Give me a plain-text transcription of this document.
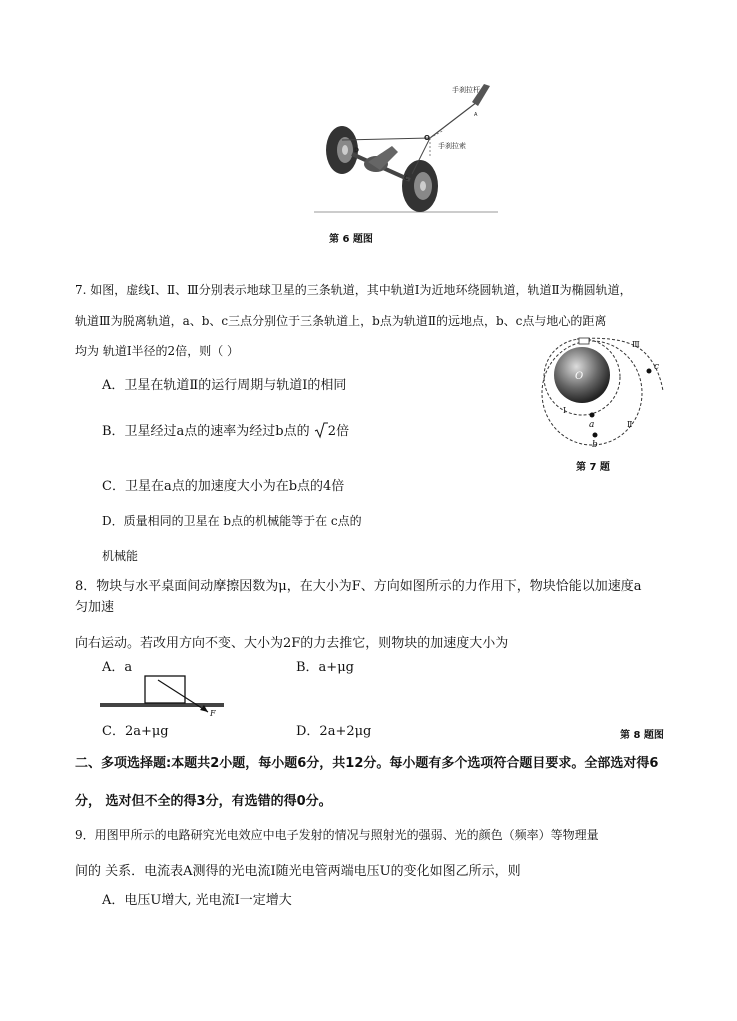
手刹拉杆
手刹拉索
A
O
D
C
第 6 题图
7. 如图，虚线Ⅰ、Ⅱ、Ⅲ分别表示地球卫星的三条轨道，其中轨道Ⅰ为近地环绕圆轨道，轨道Ⅱ为椭圆轨道，
轨道Ⅲ为脱离轨道，a、b、c三点分别位于三条轨道上，b点为轨道Ⅱ的远地点，b、c点与地心的距离
均为 轨道Ⅰ半径的2倍，则（ ）
A．卫星在轨道Ⅱ的运行周期与轨道Ⅰ的相同
B．卫星经过a点的速率为经过b点的 2倍
C．卫星在a点的加速度大小为在b点的4倍
D．质量相同的卫星在 b点的机械能等于在 c点的
机械能
O
a
b
c
Ⅰ
Ⅱ
Ⅲ
第 7 题
8．物块与水平桌面间动摩擦因数为μ，在大小为F、方向如图所示的力作用下，物块恰能以加速度a
匀加速
向右运动。若改用方向不变、大小为2F的力去推它，则物块的加速度大小为
A．a	B．a+μg
F
C．2a+μg	D．2a+2μg	第 8 题图
二、多项选择题:本题共2小题，每小题6分，共12分。每小题有多个选项符合题目要求。全部选对得6
分， 选对但不全的得3分，有选错的得0分。
9．用图甲所示的电路研究光电效应中电子发射的情况与照射光的强弱、光的颜色（频率）等物理量
间的 关系．电流表A测得的光电流I随光电管两端电压U的变化如图乙所示，则
A．电压U增大, 光电流I一定增大
